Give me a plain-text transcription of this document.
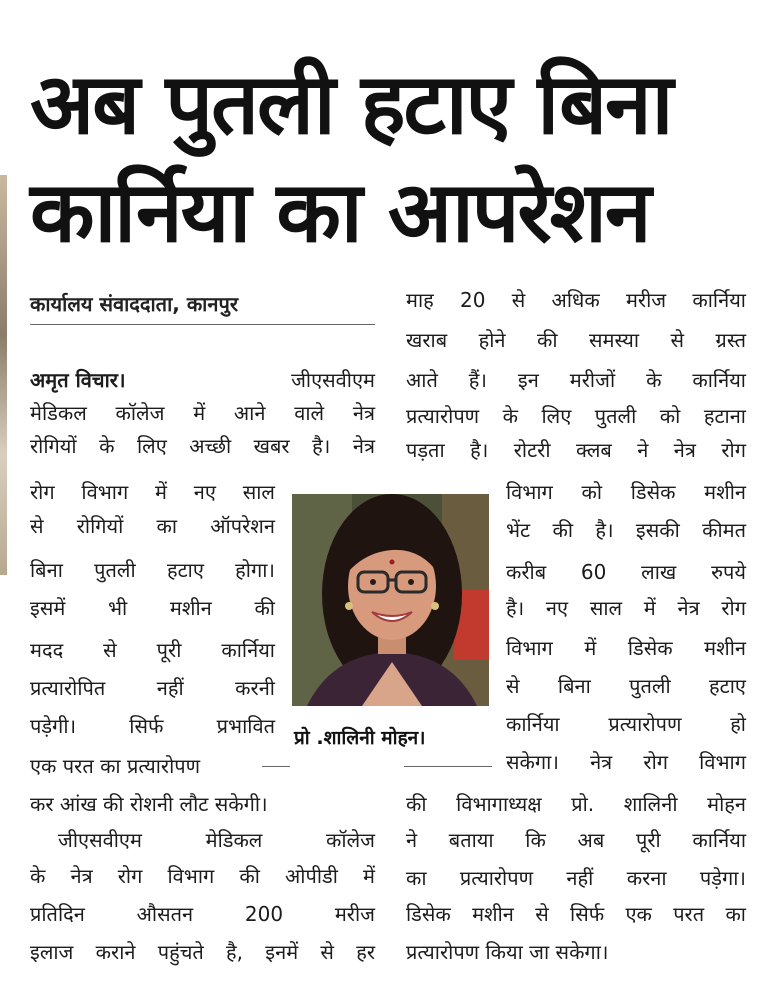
अब पुतली हटाए बिना
कार्निया का आपरेशन
कार्यालय संवाददाता, कानपुर
अमृत विचार।	जीएसवीएम
मेडिकल कॉलेज में आने वाले नेत्र
रोगियों के लिए अच्छी खबर है। नेत्र
रोग विभाग में नए साल
से रोगियों का ऑपरेशन
बिना पुतली हटाए होगा।
इसमें भी मशीन की
मदद से पूरी कार्निया
प्रत्यारोपित नहीं करनी
पड़ेगी। सिर्फ प्रभावित
एक परत का प्रत्यारोपण
कर आंख की रोशनी लौट सकेगी।
जीएसवीएम मेडिकल कॉलेज
के नेत्र रोग विभाग की ओपीडी में
प्रतिदिन औसतन 200 मरीज
इलाज कराने पहुंचते है, इनमें से हर
प्रो .शालिनी मोहन।
माह 20 से अधिक मरीज कार्निया
खराब होने की समस्या से ग्रस्त
आते हैं। इन मरीजों के कार्निया
प्रत्यारोपण के लिए पुतली को हटाना
पड़ता है। रोटरी क्लब ने नेत्र रोग
विभाग को डिसेक मशीन
भेंट की है। इसकी कीमत
करीब 60 लाख रुपये
है। नए साल में नेत्र रोग
विभाग में डिसेक मशीन
से बिना पुतली हटाए
कार्निया प्रत्यारोपण हो
सकेगा। नेत्र रोग विभाग
की विभागाध्यक्ष प्रो. शालिनी मोहन
ने बताया कि अब पूरी कार्निया
का प्रत्यारोपण नहीं करना पड़ेगा।
डिसेक मशीन से सिर्फ एक परत का
प्रत्यारोपण किया जा सकेगा।
